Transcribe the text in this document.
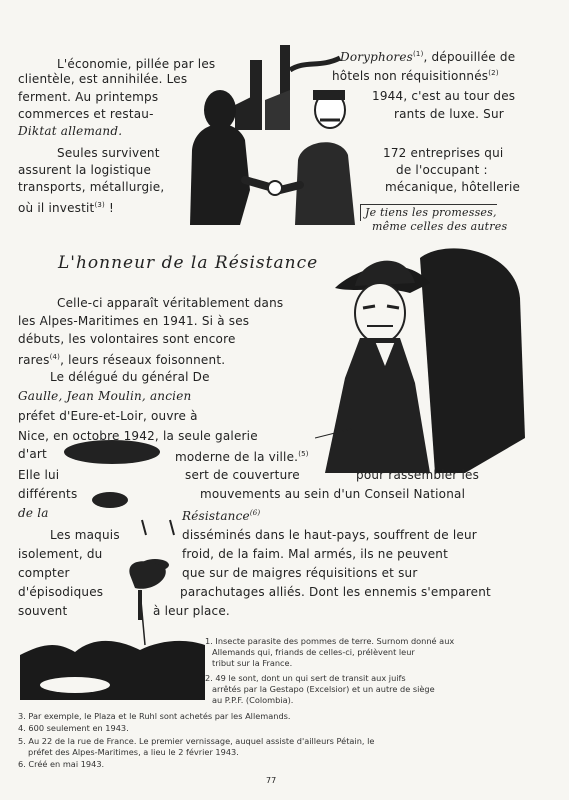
L'économie, pillée par les
clientèle, est annihilée. Les
ferment. Au printemps
commerces et restau-
Diktat allemand.
Seules survivent
assurent la logistique
transports, métallurgie,
où il investit$^{(3)}$ !
Doryphores$^{(1)}$, dépouillée de
hôtels non réquisitionnés$^{(2)}$
1944, c'est au tour des
rants de luxe. Sur
172 entreprises qui
de l'occupant :
mécanique, hôtellerie
Je tiens les promesses,
même celles des autres
L'honneur de la Résistance
Celle-ci apparaît véritablement dans
les Alpes-Maritimes en 1941. Si à ses
débuts, les volontaires sont encore
rares$^{(4)}$, leurs réseaux foisonnent.
Le délégué du général De
Gaulle, Jean Moulin, ancien
préfet d'Eure-et-Loir, ouvre à
Nice, en octobre 1942, la seule galerie
d'art	moderne de la ville.$^{(5)}$
Elle lui	sert de couverture	pour rassembler les
différents	mouvements au sein d'un Conseil National
de la	Résistance$^{(6)}$
Les maquis	disséminés dans le haut-pays, souffrent de leur
isolement, du	froid, de la faim. Mal armés, ils ne peuvent
compter	que sur de maigres réquisitions et sur
d'épisodiques	parachutages alliés. Dont les ennemis s'emparent
souvent	à leur place.
1. Insecte parasite des pommes de terre. Surnom donné aux
Allemands qui, friands de celles-ci, prélèvent leur
tribut sur la France.
2. 49 le sont, dont un qui sert de transit aux juifs
arrêtés par la Gestapo (Excelsior) et un autre de siège
au P.P.F. (Colombia).
3. Par exemple, le Plaza et le Ruhl sont achetés par les Allemands.
4. 600 seulement en 1943.
5. Au 22 de la rue de France. Le premier vernissage, auquel assiste d'ailleurs Pétain, le
préfet des Alpes-Maritimes, a lieu le 2 février 1943.
6. Créé en mai 1943.
77
